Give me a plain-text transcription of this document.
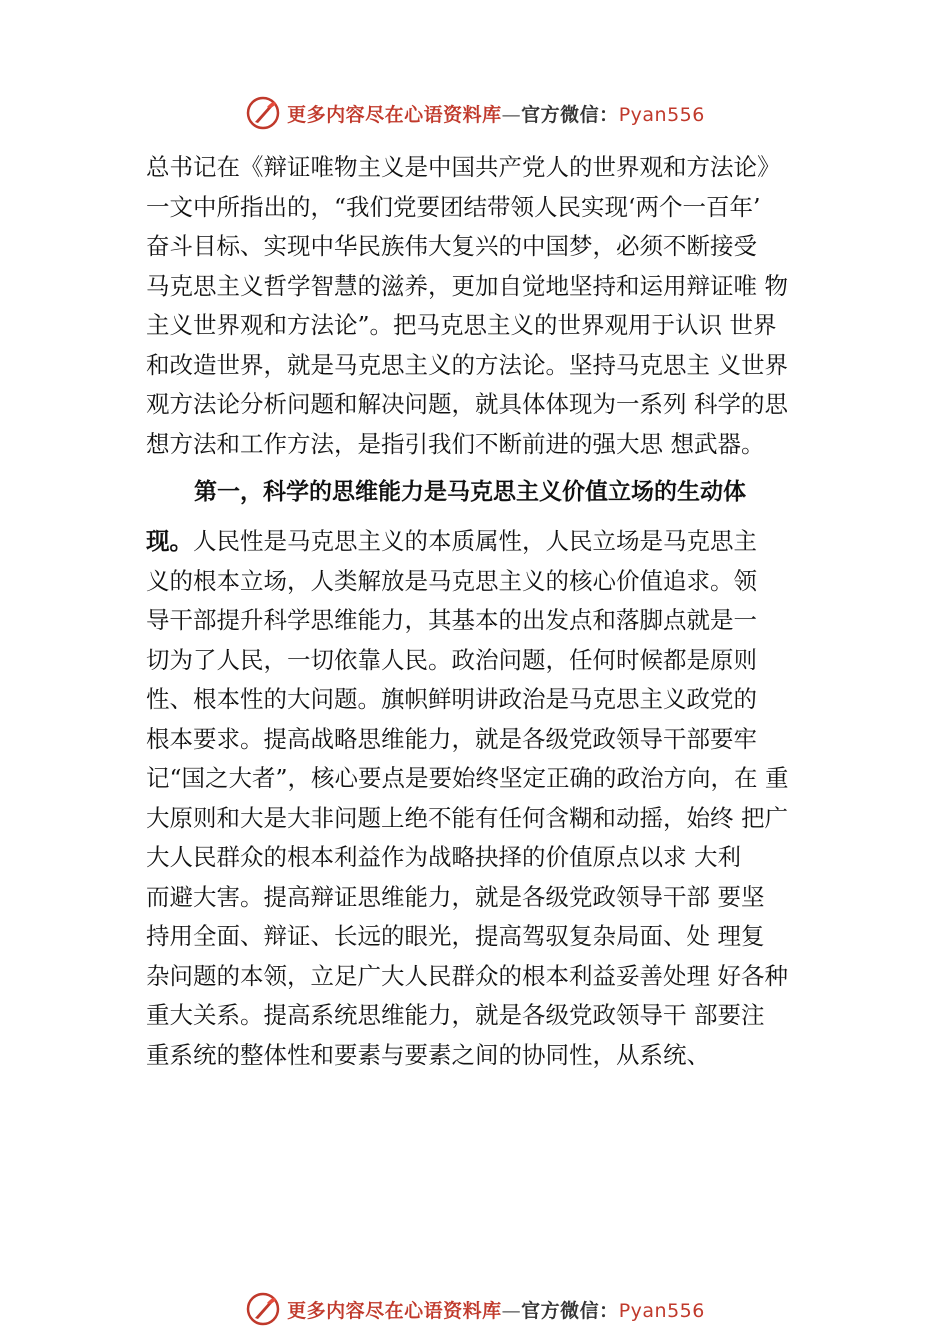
更多内容尽在心语资料库—官方微信：Pyan556
总书记在《辩证唯物主义是中国共产党人的世界观和方法论》
一文中所指出的，“我们党要团结带领人民实现‘两个一百年’
奋斗目标、实现中华民族伟大复兴的中国梦，必须不断接受
马克思主义哲学智慧的滋养，更加自觉地坚持和运用辩证唯 物
主义世界观和方法论”。把马克思主义的世界观用于认识 世界
和改造世界，就是马克思主义的方法论。坚持马克思主 义世界
观方法论分析问题和解决问题，就具体体现为一系列 科学的思
想方法和工作方法，是指引我们不断前进的强大思 想武器。
第一，科学的思维能力是马克思主义价值立场的生动体
现。人民性是马克思主义的本质属性，人民立场是马克思主
义的根本立场，人类解放是马克思主义的核心价值追求。领
导干部提升科学思维能力，其基本的出发点和落脚点就是一
切为了人民，一切依靠人民。政治问题，任何时候都是原则
性、根本性的大问题。旗帜鲜明讲政治是马克思主义政党的
根本要求。提高战略思维能力，就是各级党政领导干部要牢
记“国之大者”，核心要点是要始终坚定正确的政治方向，在 重
大原则和大是大非问题上绝不能有任何含糊和动摇，始终 把广
大人民群众的根本利益作为战略抉择的价值原点以求 大利
而避大害。提高辩证思维能力，就是各级党政领导干部 要坚
持用全面、辩证、长远的眼光，提高驾驭复杂局面、处 理复
杂问题的本领，立足广大人民群众的根本利益妥善处理 好各种
重大关系。提高系统思维能力，就是各级党政领导干 部要注
重系统的整体性和要素与要素之间的协同性，从系统、
更多内容尽在心语资料库—官方微信：Pyan556
